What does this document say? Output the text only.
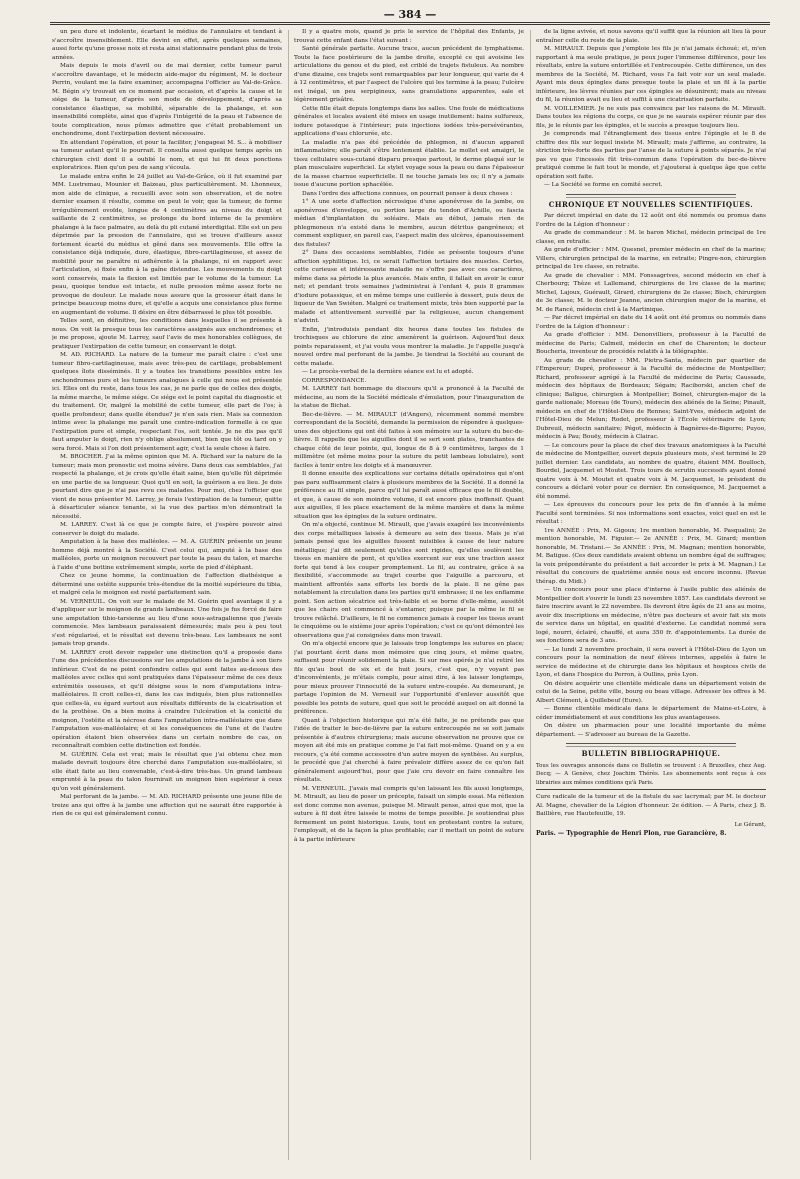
— 384 —

un peu dure et indolente, écartant le médius de l'annulaire et tendant à s'accroître insensiblement. Elle devint en effet, après quelques semaines, aussi forte qu'une grosse noix et resta ainsi stationnaire pendant plus de trois années.

Mais depuis le mois d'avril ou de mai dernier, cette tumeur parut s'accroître davantage, et le médecin aide-major du régiment, M. le docteur Perrin, voulant me la faire examiner, accompagna l'officier au Val-de-Grâce. M. Bégin s'y trouvait en ce moment par occasion, et d'après la cause et le siége de la tumeur, d'après son mode de développement, d'après sa consistance élastique, sa mobilité, séparable de la phalange, et son insensibilité complète, ainsi que d'après l'intégrité de la peau et l'absence de toute complication, nous pûmes admettre que c'était probablement un enchondrome, dont l'extirpation devient nécessaire.

En attendant l'opération, et pour la faciliter, j'engageai M. S... à mobiliser sa tumeur autant qu'il le pourrait. Il consulta aussi quelque temps après un chirurgien civil dont il a oublié le nom, et qui lui fit deux ponctions exploratrices. Rien qu'un peu de sang s'écoula.

Le malade entra enfin le 24 juillet au Val-de-Grâce, où il fut examiné par MM. Lustremau, Mounier et Baizeau, plus particulièrement. M. Lhonneux, mon aide de clinique, a recueilli avec soin son observation, et de notre dernier examen il résulte, comme on peut le voir, que la tumeur, de forme irrégulièrement ovoïde, longue de 4 centimètres au niveau du doigt et saillante de 2 centimètres, se prolonge du bord interne de la première phalange à la face palmaire, au delà du pli cutané interdigital. Elle est un peu déprimée par la pression de l'annulaire, qui se trouve d'ailleurs assez fortement écarté du médius et gêné dans ses mouvements. Elle offre la consistance déjà indiquée, dure, élastique, fibro-cartilagineuse, et assez de mobilité pour ne paraître ni adhérente à la phalange, ni en rapport avec l'articulation, si fixée enfin à la gaîne distendue. Les mouvements du doigt sont conservés, mais la flexion est limitée par le volume de la tumeur. La peau, quoique tendue est intacte, et nulle pression même assez forte ne provoque de douleur. Le malade nous assure que la grosseur était dans le principe beaucoup moins dure, et qu'elle a acquis une consistance plus ferme en augmentant de volume. Il désire en être débarrassé le plus tôt possible.

Telles sont, en définitive, les conditions dans lesquelles il se présente à nous. On voit la presque tous les caractères assignés aux enchondromes; et je me propose, ajoute M. Larrey, sauf l'avis de mes honorables collègues, de pratiquer l'extirpation de cette tumeur, en conservant le doigt.

M. AD. RICHARD. La nature de la tumeur me paraît claire : c'est une tumeur fibro-cartilagineuse, mais avec très-peu de cartilage, probablement quelques îlots disséminés. Il y a toutes les transitions possibles entre les enchondromes purs et les tumeurs analogues à celle qui nous est présentée ici. Elles ont du reste, dans tous les cas, je ne parle que de celles des doigts, la même marche, le même siége. Ce siége est le point capital du diagnostic et du traitement. Or, malgré la mobilité de cette tumeur, elle part de l'os; à quelle profondeur, dans quelle étendue? je n'en sais rien. Mais sa connexion intime avec la phalange me paraît une contre-indication formelle à ce que l'extirpation pure et simple, respectant l'os, soit tentée. Je ne dis pas qu'il faut amputer le doigt, rien n'y oblige absolument, bien que tôt ou tard on y sera forcé. Mais si l'on doit présentement agir, c'est la seule chose à faire.

M. BROCHER. J'ai la même opinion que M. A. Richard sur la nature de la tumeur; mais mon pronostic est moins sévère. Dans deux cas semblables, j'ai respecté la phalange, et je crois qu'elle était saine, bien qu'elle fût déprimée en une partie de sa longueur. Quoi qu'il en soit, la guérison a eu lieu. Je dois pourtant dire que je n'ai pas revu ces malades. Pour moi, chez l'officier que vient de nous présenter M. Larrey, je ferais l'extirpation de la tumeur, quitte à désarticuler séance tenante, si la vue des parties m'en démontrait la nécessité.

M. LARREY. C'est là ce que je compte faire, et j'espère pouvoir ainsi conserver le doigt du malade.

Amputation à la base des malléoles. — M. A. GUÉRIN présente un jeune homme déjà montré à la Société. C'est celui qui, amputé à la base des malléoles, porte un moignon recouvert par toute la peau du talon, et marche à l'aide d'une bottine extrêmement simple, sorte de pied d'éléphant.

Chez ce jeune homme, la continuation de l'affection diathésique a déterminé une ostéite suppurée très-étendue de la moitié supérieure du tibia, et malgré cela le moignon est resté parfaitement sain.

M. VERNEUIL. On voit sur le malade de M. Guérin quel avantage il y a d'appliquer sur le moignon de grands lambeaux. Une fois je fus forcé de faire une amputation tibio-tarsienne au lieu d'une sous-astragalienne que j'avais commencée. Mes lambeaux paraissaient démesurés; mais peu à peu tout s'est régularisé, et le résultat est devenu très-beau. Les lambeaux ne sont jamais trop grands.

M. LARREY croit devoir rappeler une distinction qu'il a proposée dans l'une des précédentes discussions sur les amputations de la jambe à son tiers inférieur. C'est de ne point confondre celles qui sont faites au-dessus des malléoles avec celles qui sont pratiquées dans l'épaisseur même de ces deux extrémités osseuses, et qu'il désigne sous le nom d'amputations intra-malléolaires. Il croit celles-ci, dans les cas indiqués, bien plus rationnelles que celles-là, eu égard surtout aux résultats différents de la cicatrisation et de la prothèse. On a bien moins à craindre l'ulcération et la conicité du moignon, l'ostéite et la nécrose dans l'amputation intra-malléolaire que dans l'amputation sus-malléolaire; et si les conséquences de l'une et de l'autre opération étaient bien observées dans un certain nombre de cas, on reconnaîtrait combien cette distinction est fondée.

M. GUÉRIN. Cela est vrai; mais le résultat que j'ai obtenu chez mon malade devrait toujours être cherché dans l'amputation sus-malléolaire, si elle était faite au lieu convenable, c'est-à-dire très-bas. Un grand lambeau emprunté à la peau du talon fournirait un moignon bien supérieur à ceux qu'on voit généralement.

Mal perforant de la jambe. — M. AD. RICHARD présente une jeune fille de treize ans qui offre à la jambe une affection qui ne saurait être rapportée à rien de ce qui est généralement connu.

Il y a quatre mois, quand je pris le service de l'hôpital des Enfants, je trouvai cette enfant dans l'état suivant :

Santé générale parfaite. Aucune trace, aucun précédent de lymphatisme. Toute la face postérieure de la jambe droite, excepté ce qui avoisine les articulations du genou et du pied, est criblé de trajets fistuleux. Au nombre d'une dizaine, ces trajets sont remarquables par leur longueur, qui varie de 4 à 12 centimètres, et par l'aspect de l'ulcère qui les termine à la peau; l'ulcère est inégal, un peu serpigineux, sans granulations apparentes, sale et légèrement grisâtre.

Cette fille était depuis longtemps dans les salles. Une foule de médications générales et locales avaient été mises en usage inutilement: bains sulfureux, iodure potassique à l'intérieur; puis injections iodées très-persévérantes, applications d'eau chlorurée, etc.

La maladie n'a pas été précédée de phlegmon, ni d'aucun appareil inflammatoire; elle paraît s'être lentement établie. Le mollet est amaigri, le tissu cellulaire sous-cutané disparu presque partout, le derme plaqué sur le plan musculaire superficiel. Le stylet voyage sous la peau ou dans l'épaisseur de la masse charnue superficielle. Il ne touche jamais les os; il n'y a jamais issue d'aucune portion sphacélée.

Dans l'ordre des affections connues, on pourrait penser à deux choses :

1° A une sorte d'affection nécrosique d'une aponévrose de la jambe, ou aponévrose d'enveloppe, ou portion large du tendon d'Achille, ou fascia médian d'implantation du soléaire. Mais au début, jamais rien de phlegmoneux n'a existé dans le membre, aucun détritus gangréneux; et comment expliquer, en pareil cas, l'aspect malin des ulcères, épanouissement des fistules?

2° Dans des occasions semblables, l'idée se présente toujours d'une affection syphilitique. Ici, ce serait l'affection tertiaire des muscles. Certes, cette curieuse et intéressante maladie ne s'offre pas avec ces caractères, même dans sa période la plus avancée. Mais enfin, il fallait en avoir le cœur net; et pendant trois semaines j'administrai à l'enfant 4, puis 8 grammes d'iodure potassique, et en même temps une cuillerée à dessert, puis deux de liqueur de Van Swiéten. Malgré ce traitement mixte, très bien supporté par la malade et attentivement surveillé par la religieuse, aucun changement n'advint.

Enfin, j'introduisis pendant dix heures dans toutes les fistules de trochisques au chlorure de zinc amenèrent la guérison. Aujourd'hui deux points reparaissent, et j'ai voulu vous montrer la maladie. Je l'appelle jusqu'à nouvel ordre mal perforant de la jambe. Je tiendrai la Société au courant de cette malade.

— Le procès-verbal de la dernière séance est lu et adopté.

CORRESPONDANCE.

M. LARREY fait hommage du discours qu'il a prononcé à la Faculté de médecine, au nom de la Société médicale d'émulation, pour l'inauguration de la statue de Bichat.

Bec-de-lièvre. — M. MIRAULT (d'Angers), récemment nommé membre correspondant de la Société, demande la permission de répondre à quelques-unes des objections qui ont été faites à son mémoire sur la suture du bec-de-lièvre. Il rappelle que les aiguilles dont il se sert sont plates, tranchantes de chaque côté de leur pointe, qui, longue de 8 à 9 centimètres, larges de 1 millimètre (et même moins pour la suture du petit lambeau lobulaire), sont faciles à tenir entre les doigts et à manœuvrer.

Il donne ensuite des explications sur certains détails opératoires qui n'ont pas paru suffisamment clairs à plusieurs membres de la Société. Il a donné la préférence au fil simple, parce qu'il lui paraît aussi efficace que le fil double, et que, à cause de son moindre volume, il est encore plus inoffensif. Quant aux aiguilles, il les place exactement de la même manière et dans la même situation que les épingles de la suture ordinaire.

On m'a objecté, continue M. Mirault, que j'avais exagéré les inconvénients des corps métalliques laissés à demeure au sein des tissus. Mais je n'ai jamais pensé que les aiguilles fussent nuisibles à cause de leur nature métallique; j'ai dit seulement qu'elles sont rigides, qu'elles soulèvent les tissus en manière de pont, et qu'elles exercent sur eux une traction assez forte qui tend à les couper promptement. Le fil, au contraire, grâce à sa flexibilité, s'accommode au trajet courbe que l'aiguille a parcouru, et maintient affrontés sans efforts les bords de la plaie. Il ne gêne pas notablement la circulation dans les parties qu'il embrasse; il ne les enflamme point. Son action sécatrice est très-faible et se borne d'elle-même, aussitôt que les chairs ont commencé à s'entamer, puisque par la même le fil se trouve relâché. D'ailleurs, le fil ne commence jamais à couper les tissus avant le cinquième ou le sixième jour après l'opération; c'est ce qu'ont démontré les observations que j'ai consignées dans mon travail.

On m'a objecté encore que je laissais trop longtemps les sutures en place; j'ai pourtant écrit dans mon mémoire que cinq jours, et même quatre, suffisent pour réunir solidement la plaie. Si sur mes opérés je n'ai retiré les fils qu'au bout de six et de huit jours, c'est que, n'y voyant pas d'inconvénients, je m'étais complu, pour ainsi dire, à les laisser longtemps, pour mieux prouver l'innocuité de la suture entre-coupée. Au demeurant, je partage l'opinion de M. Verneuil sur l'opportunité d'enlever aussitôt que possible les points de suture, quel que soit le procédé auquel on ait donné la préférence.

Quant à l'objection historique qui m'a été faite, je ne prétends pas que l'idée de traiter le bec-de-lièvre par la suture entrecoupée ne se soit jamais présentée à d'autres chirurgiens; mais aucune observation ne prouve que ce moyen ait été mis en pratique comme je l'ai fait moi-même. Quand on y a eu recours, ç'a été comme accessoire d'un autre moyen de synthèse. Au surplus, le procédé que j'ai cherché à faire prévaloir diffère assez de ce qu'on fait généralement aujourd'hui, pour que j'aie cru devoir en faire connaître les résultats.

M. VERNEUIL. J'avais mal compris qu'en laissant les fils aussi longtemps, M. Mirault, au lieu de poser un précepte, faisait un simple essai. Ma réflexion est donc comme non avenue, puisque M. Mirault pense, ainsi que moi, que la suture à fil doit être laissée le moins de temps possible. Je soutiendrai plus fermement un point historique. Louis, tout en protestant contre la suture, l'employait, et de la façon la plus profitable; car il mettait un point de suture à la partie inférieure

de la ligne avivée, et nous savons qu'il suffit que la réunion ait lieu là pour entraîner celle du reste de la plaie.

M. MIRAULT. Depuis que j'emploie les fils je n'ai jamais échoué; et, m'en rapportant à ma seule pratique, je peux juger l'immense différence, pour les résultats, entre la suture entortillée et l'entrecoupée. Cette différence, un des membres de la Société, M. Richard, vous l'a fait voir sur un seul malade. Ayant mis deux épingles dans presque toute la plaie et un fil à la partie inférieure, les lèvres réunies par ces épingles se désunirent; mais au niveau du fil, la réunion avait eu lieu et suffit à une cicatrisation parfaite.

M. VOILLEMIER. Je ne suis pas convaincu par les raisons de M. Mirault. Dans toutes les régions du corps, ce que je ne saurais espérer réunir par des fils, je le réunis par les épingles, et le succès a presque toujours lieu.

Je comprends mal l'étranglement des tissus entre l'épingle et le 8 de chiffre des fils sur lequel insiste M. Mirault; mais j'affirme, au contraire, la striction très-forte des parties par l'anse de la suture à points séparés. Je n'ai pas vu que l'incessés fût très-commun dans l'opération du bec-de-lièvre pratiqué comme le fait tout le monde, et j'ajouterai à quelque âge que cette opération soit faite.

— La Société se forme en comité secret.

CHRONIQUE ET NOUVELLES SCIENTIFIQUES.

Par décret impérial en date du 12 août ont été nommés ou promus dans l'ordre de la Légion d'honneur :

Au grade de commandeur : M. le baron Michel, médecin principal de 1re classe, en retraite.

Au grade d'officier : MM. Quesnel, premier médecin en chef de la marine; Villers, chirurgien principal de la marine, en retraite; Pingre-non, chirurgien principal de 1re classe, en retraite.

Au grade de chevalier : MM. Fonssagrives, second médecin en chef à Cherbourg; Thèze et Lallemand, chirurgiens de 1re classe de la marine; Michel, Lajoux, Guérault, Girard, chirurgiens de 2e classe; Bisch, chirurgien de 3e classe; M. le docteur Jeanne, ancien chirurgien major de la marine, et M. de Rancé, médecin civil à la Martinique.

— Par décret impérial en date du 14 août ont été promus ou nommés dans l'ordre de la Légion d'honneur :

Au grade d'officier : MM. Denonvilliers, professeur à la Faculté de médecine de Paris; Calmeil, médecin en chef de Charenton; le docteur Boucheria, inventeur de procédés relatifs à la télégraphie.

Au grade de chevalier : MM. Pietra-Santa, médecin par quartier de l'Empereur; Dupré, professeur à la Faculté de médecine de Montpellier; Richard, professeur agrégé à la Faculté de médecine de Paris; Caussade, médecin des hôpitaux de Bordeaux; Ségain; Raciborski, ancien chef de clinique; Baligue, chirurgien à Montpellier; Boinet, chirurgien-major de la garde nationale; Moreau (de Tours), médecin des aliénés de la Seine; Pinault, médecin en chef de l'Hôtel-Dieu de Rennes; Saint-Yves, médecin adjoint de l'Hôtel-Dieu de Melun; Rodet, professeur à l'École vétérinaire de Lyon; Dubreuil, médecin sanitaire; Pégot, médecin à Bagnères-de-Bigorre; Puyoo, médecin à Pau; Bouëy, médecin à Clairac.

— Le concours pour la place de chef des travaux anatomiques à la Faculté de médecine de Montpellier, ouvert depuis plusieurs mois, s'est terminé le 29 juillet dernier. Les candidats, au nombre de quatre, étaient MM. Boulloch, Bourdel, Jacquemet et Moutet. Trois tours de scrutin successifs ayant donné quatre voix à M. Moutet et quatre voix à M. Jacquemet, le président du concours a déclaré voter pour ce dernier. En conséquence, M. Jacquemet a été nommé.

— Les épreuves du concours pour les prix de fin d'année à la même Faculté sont terminées. Si nos informations sont exactes, voici quel en est le résultat :

1re ANNÉE : Prix, M. Gigoux; 1re mention honorable, M. Pasqualini; 2e mention honorable, M. Figuier.— 2e ANNÉE : Prix, M. Girard; mention honorable, M. Tristani.— 3e ANNÉE : Prix, M. Magnan; mention honorable, M. Batigue. (Ces deux candidats avaient obtenu un nombre égal de suffrages; la voix prépondérante du président a fait accorder le prix à M. Magnan.) Le résultat du concours de quatrième année nous est encore inconnu. (Revue thérap. du Midi.)

— Un concours pour une place d'interne à l'asile public des aliénés de Montpellier doit s'ouvrir le lundi 23 novembre 1857. Les candidats devront se faire inscrire avant le 22 novembre. Ils devront être âgés de 21 ans au moins, avoir dix inscriptions en médecine, n'être pas docteurs et avoir fait six mois de service dans un hôpital, en qualité d'externe. Le candidat nommé sera logé, nourri, éclairé, chauffé, et aura 350 fr. d'appointements. La durée de ses fonctions sera de 3 ans.

— Le lundi 2 novembre prochain, il sera ouvert à l'Hôtel-Dieu de Lyon un concours pour la nomination de neuf élèves internes, appelés à faire le service de médecine et de chirurgie dans les hôpitaux et hospices civils de Lyon, et dans l'hospice du Perron, à Oullins, près Lyon.

On désire acquérir une clientèle médicale dans un département voisin de celui de la Seine, petite ville, bourg ou beau village. Adresser les offres à M. Albert Clément, à Quillebeuf (Eure).

— Bonne clientèle médicale dans le département de Maine-et-Loire, à céder immédiatement et aux conditions les plus avantageuses.

On désire un pharmacien pour une localité importante du même département. — S'adresser au bureau de la Gazette.

BULLETIN BIBLIOGRAPHIQUE.

Tous les ouvrages annoncés dans ce Bulletin se trouvent : A Bruxelles, chez Aug. Decq; — A Genève, chez Joachim Thérès. Les abonnements sont reçus à ces librairies aux mêmes conditions qu'à Paris.

Cure radicale de la tumeur et de la fistule du sac lacrymal; par M. le docteur Al. Magne, chevalier de la Légion d'honneur. 2e édition. — À Paris, chez J. B. Baillière, rue Hautefeuille, 19.

Le Gérant,
Paris. — Typographie de Henri Plon, rue Garancière, 8.
